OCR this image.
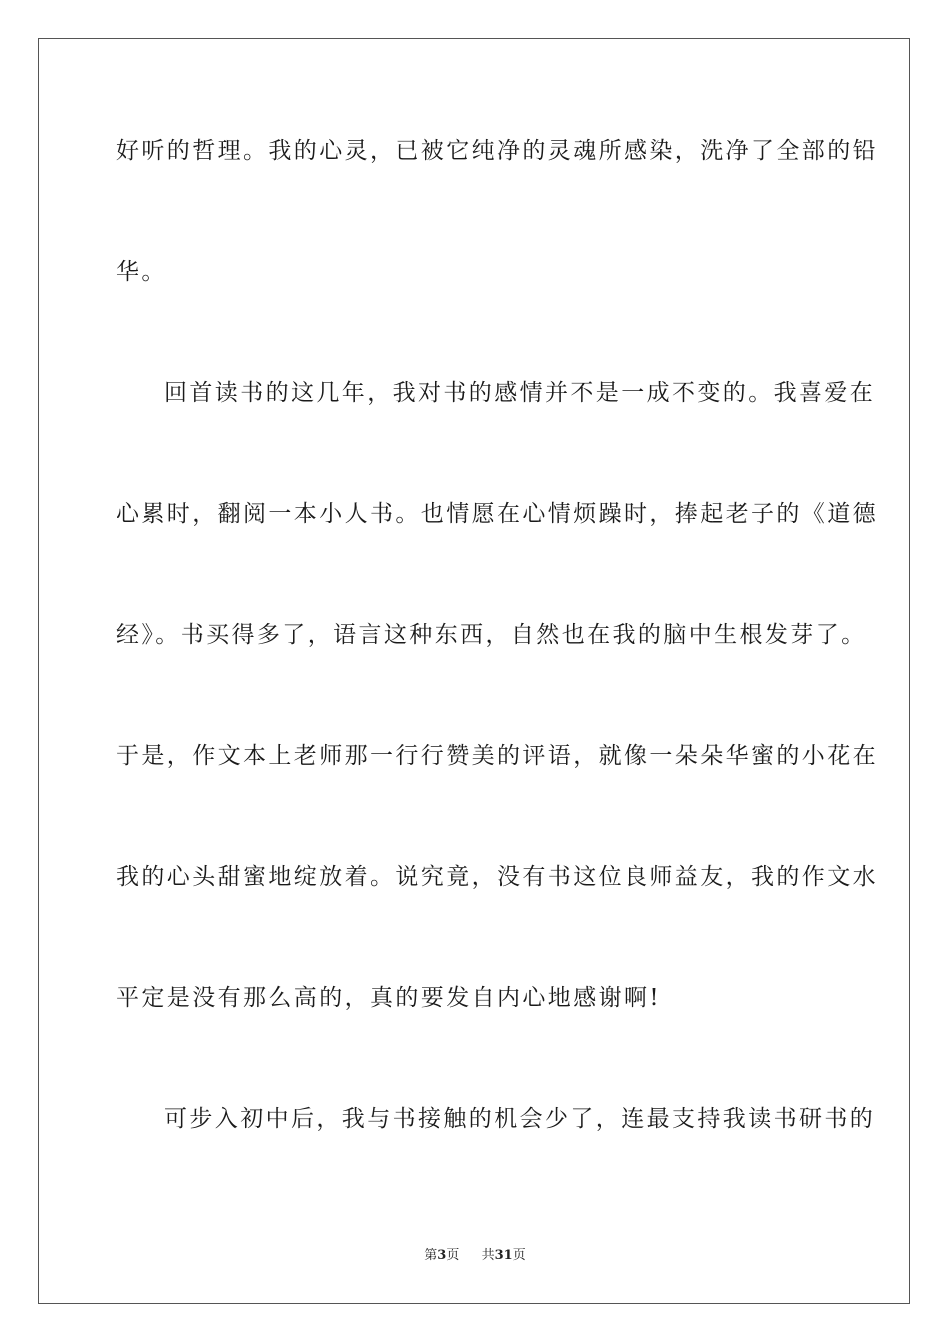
好听的哲理。我的心灵，已被它纯净的灵魂所感染，洗净了全部的铅
华。
回首读书的这几年，我对书的感情并不是一成不变的。我喜爱在
心累时，翻阅一本小人书。也情愿在心情烦躁时，捧起老子的《道德
经》。书买得多了，语言这种东西，自然也在我的脑中生根发芽了。
于是，作文本上老师那一行行赞美的评语，就像一朵朵华蜜的小花在
我的心头甜蜜地绽放着。说究竟，没有书这位良师益友，我的作文水
平定是没有那么高的，真的要发自内心地感谢啊!
可步入初中后，我与书接触的机会少了，连最支持我读书研书的
第3页 共31页
